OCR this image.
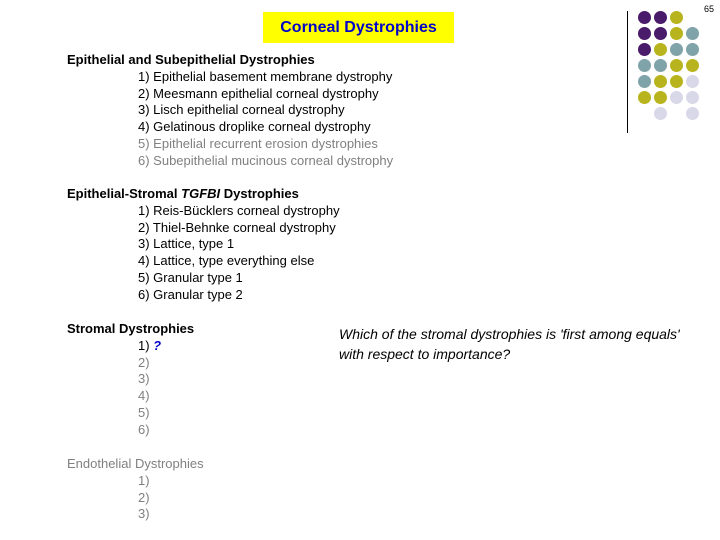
65
Corneal Dystrophies
Epithelial and Subepithelial Dystrophies
1) Epithelial basement membrane dystrophy
2) Meesmann epithelial corneal dystrophy
3) Lisch epithelial corneal dystrophy
4) Gelatinous droplike corneal dystrophy
5) Epithelial recurrent erosion dystrophies
6) Subepithelial mucinous corneal dystrophy
Epithelial-Stromal TGFBI Dystrophies
1) Reis-Bücklers corneal dystrophy
2) Thiel-Behnke corneal dystrophy
3) Lattice, type 1
4) Lattice, type everything else
5) Granular type 1
6) Granular type 2
Stromal Dystrophies
1) ?
2)
3)
4)
5)
6)
Endothelial Dystrophies
1)
2)
3)
Which of the stromal dystrophies is 'first among equals' with respect to importance?
